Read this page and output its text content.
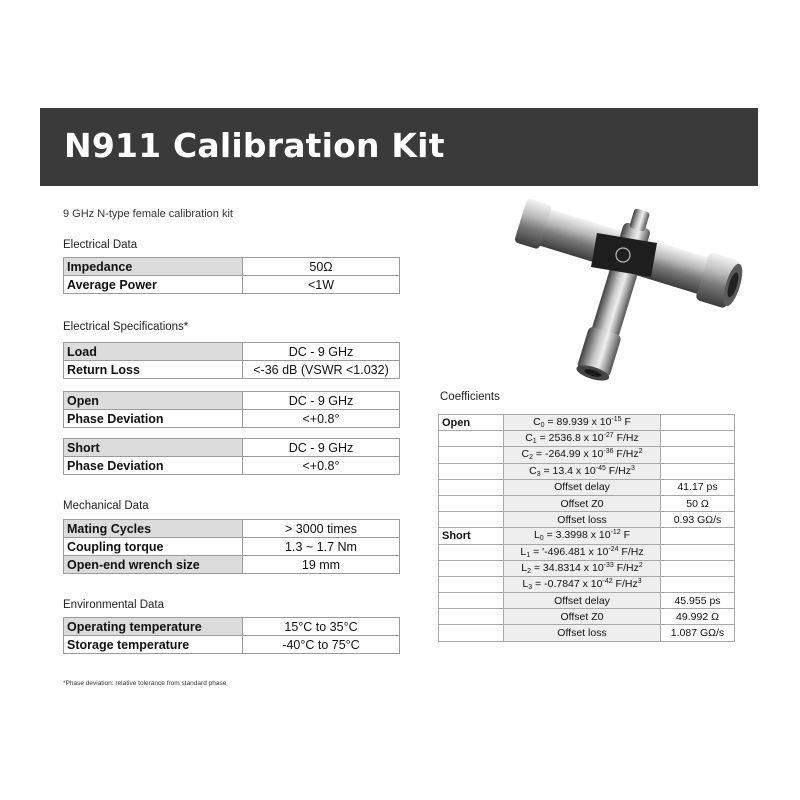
N911 Calibration Kit
9 GHz N-type female calibration kit
Electrical Data
Impedance	50Ω
Average Power	<1W
Electrical Specifications*
Load	DC - 9 GHz
Return Loss	<-36 dB (VSWR <1.032)
Open	DC - 9 GHz
Phase Deviation	<+0.8°
Short	DC - 9 GHz
Phase Deviation	<+0.8°
Mechanical Data
Mating Cycles	> 3000 times
Coupling torque	1.3 ~ 1.7 Nm
Open-end wrench size	19 mm
Environmental Data
Operating temperature	15°C to 35°C
Storage temperature	-40°C to 75°C
*Phase deviation: relative tolerance from standard phase
Coefficients
Open	$C_0 = 89.939$ x $10^{-15}$ F	
	$C_1 = 2536.8$ x $10^{-27}$ F/Hz	
	$C_2 = -264.99$ x $10^{-36}$ F/Hz$^2$	
	$C_3 = 13.4$ x $10^{-45}$ F/Hz$^3$	
	Offset delay	41.17 ps
	Offset Z0	50 Ω
	Offset loss	0.93 GΩ/s
Short	$L_0 = 3.3998$ x $10^{-12}$ F	
	$L_1$ = '-496.481 x $10^{-24}$ F/Hz	
	$L_2 = 34.8314$ x $10^{-33}$ F/Hz$^2$	
	$L_3 = -0.7847$ x $10^{-42}$ F/Hz$^3$	
	Offset delay	45.955 ps
	Offset Z0	49.992 Ω
	Offset loss	1.087 GΩ/s
